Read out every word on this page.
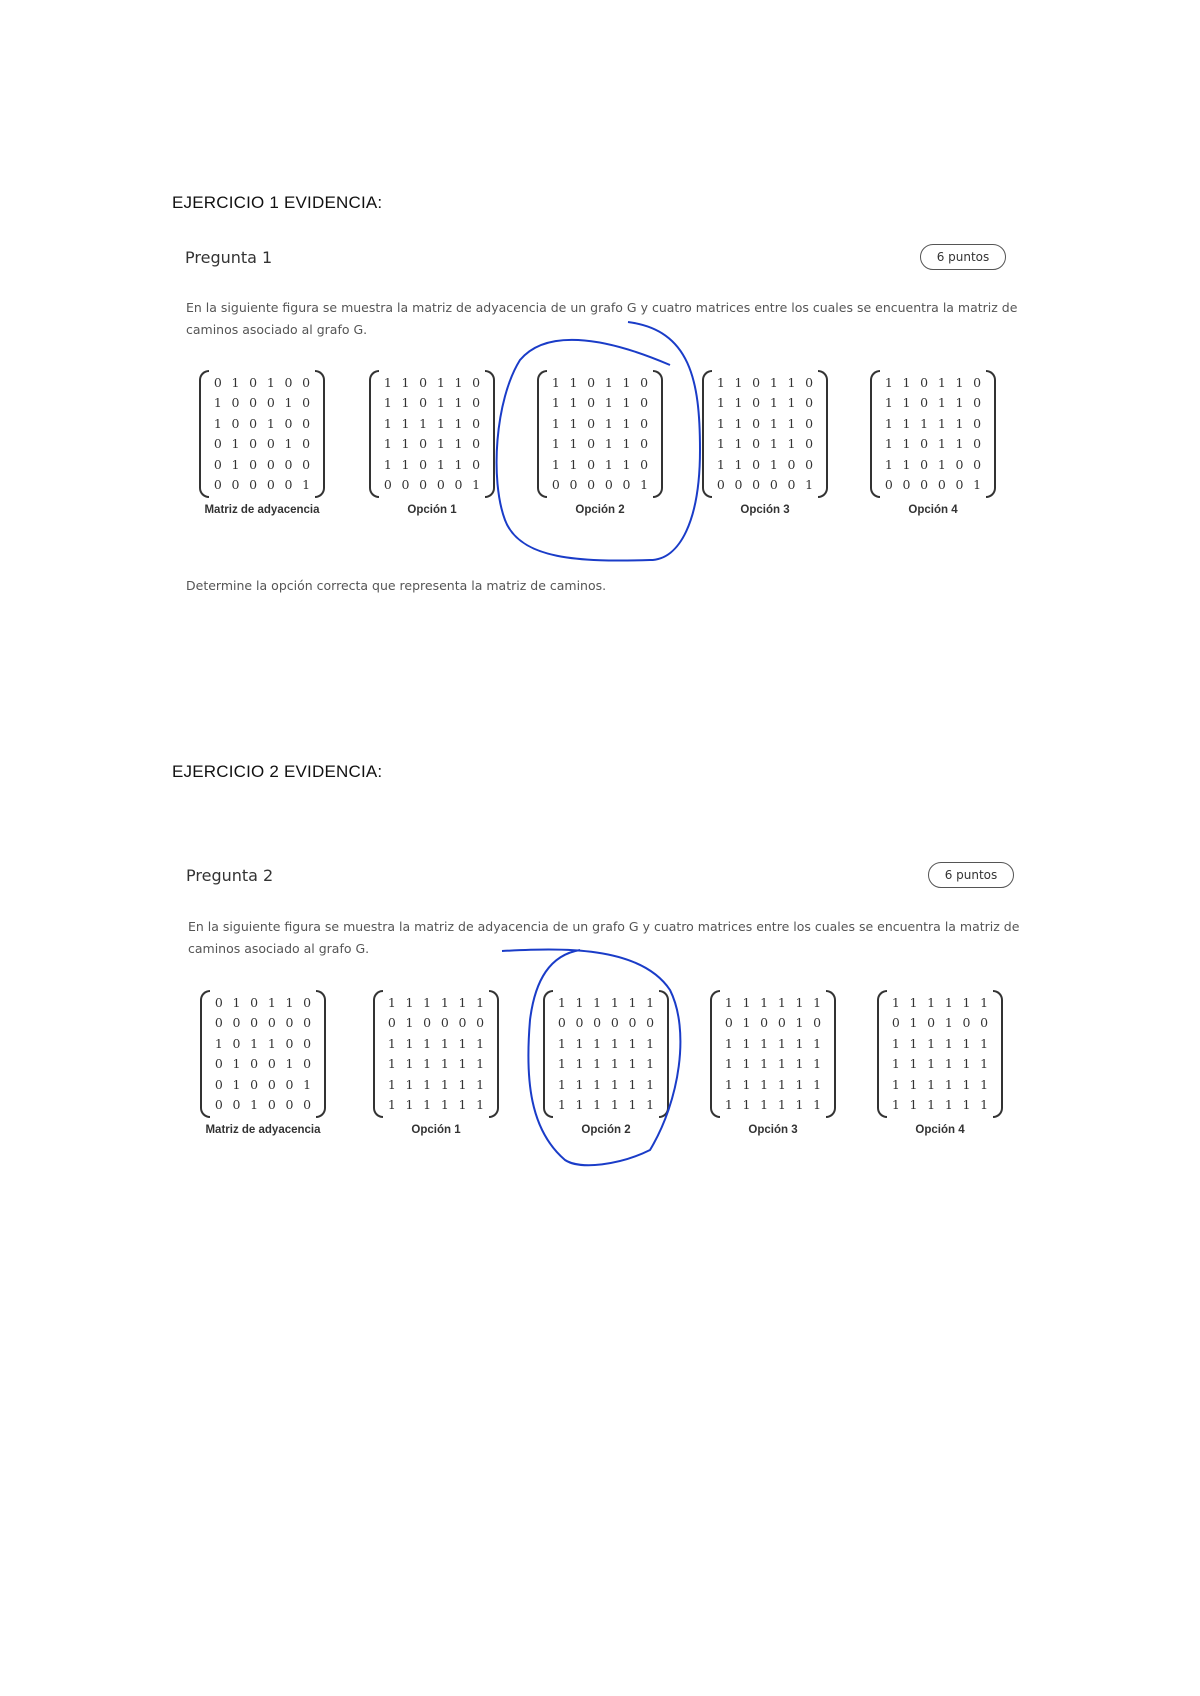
EJERCICIO 1 EVIDENCIA:
Pregunta 1	6 puntos
En la siguiente figura se muestra la matriz de adyacencia de un grafo G y cuatro matrices entre los cuales se encuentra la matriz de
caminos asociado al grafo G.
0	1	0	1	0	0
1	0	0	0	1	0
1	0	0	1	0	0
0	1	0	0	1	0
0	1	0	0	0	0
0	0	0	0	0	1
Matriz de adyacencia
1	1	0	1	1	0
1	1	0	1	1	0
1	1	1	1	1	0
1	1	0	1	1	0
1	1	0	1	1	0
0	0	0	0	0	1
Opción 1
1	1	0	1	1	0
1	1	0	1	1	0
1	1	0	1	1	0
1	1	0	1	1	0
1	1	0	1	1	0
0	0	0	0	0	1
Opción 2
1	1	0	1	1	0
1	1	0	1	1	0
1	1	0	1	1	0
1	1	0	1	1	0
1	1	0	1	0	0
0	0	0	0	0	1
Opción 3
1	1	0	1	1	0
1	1	0	1	1	0
1	1	1	1	1	0
1	1	0	1	1	0
1	1	0	1	0	0
0	0	0	0	0	1
Opción 4
Determine la opción correcta que representa la matriz de caminos.
EJERCICIO 2 EVIDENCIA:
Pregunta 2	6 puntos
En la siguiente figura se muestra la matriz de adyacencia de un grafo G y cuatro matrices entre los cuales se encuentra la matriz de
caminos asociado al grafo G.
0	1	0	1	1	0
0	0	0	0	0	0
1	0	1	1	0	0
0	1	0	0	1	0
0	1	0	0	0	1
0	0	1	0	0	0
Matriz de adyacencia
1	1	1	1	1	1
0	1	0	0	0	0
1	1	1	1	1	1
1	1	1	1	1	1
1	1	1	1	1	1
1	1	1	1	1	1
Opción 1
1	1	1	1	1	1
0	0	0	0	0	0
1	1	1	1	1	1
1	1	1	1	1	1
1	1	1	1	1	1
1	1	1	1	1	1
Opción 2
1	1	1	1	1	1
0	1	0	0	1	0
1	1	1	1	1	1
1	1	1	1	1	1
1	1	1	1	1	1
1	1	1	1	1	1
Opción 3
1	1	1	1	1	1
0	1	0	1	0	0
1	1	1	1	1	1
1	1	1	1	1	1
1	1	1	1	1	1
1	1	1	1	1	1
Opción 4
